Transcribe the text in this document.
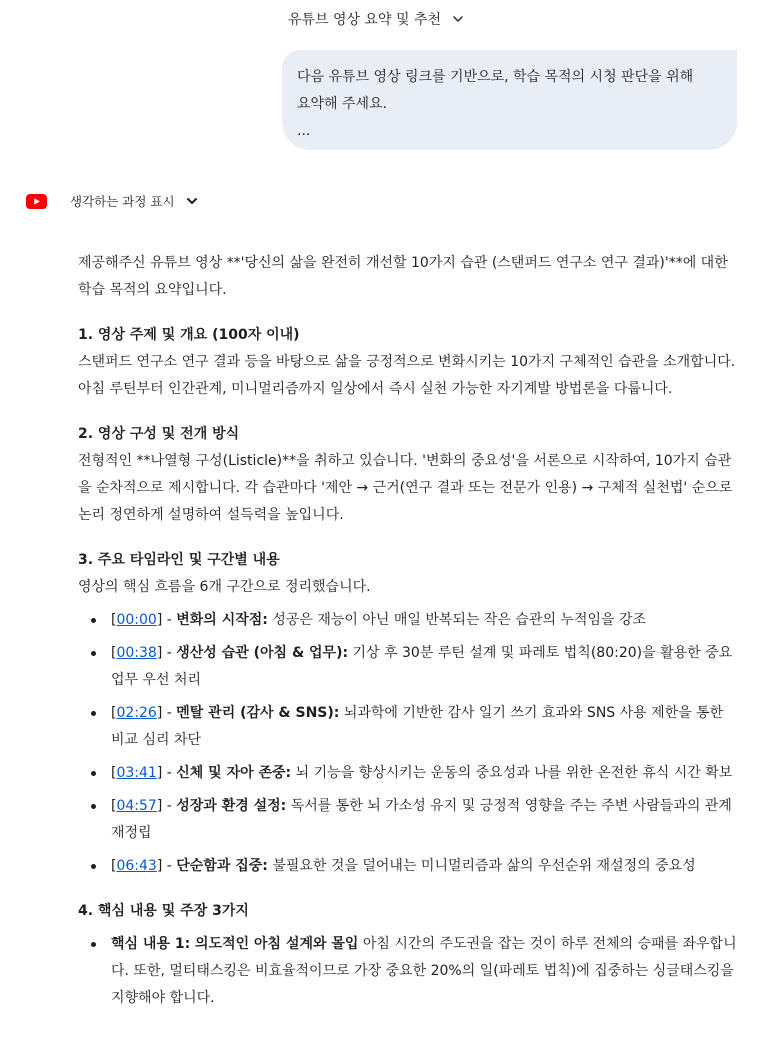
유튜브 영상 요약 및 추천

다음 유튜브 영상 링크를 기반으로, 학습 목적의 시청 판단을 위해

요약해 주세요.

...

생각하는 과정 표시

제공해주신 유튜브 영상 **'당신의 삶을 완전히 개선할 10가지 습관 (스탠퍼드 연구소 연구 결과)'**에 대한 학습 목적의 요약입니다.

1. 영상 주제 및 개요 (100자 이내)

스탠퍼드 연구소 연구 결과 등을 바탕으로 삶을 긍정적으로 변화시키는 10가지 구체적인 습관을 소개합니다. 아침 루틴부터 인간관계, 미니멀리즘까지 일상에서 즉시 실천 가능한 자기계발 방법론을 다룹니다.

2. 영상 구성 및 전개 방식

전형적인 **나열형 구성(Listicle)**을 취하고 있습니다. '변화의 중요성'을 서론으로 시작하여, 10가지 습관을 순차적으로 제시합니다. 각 습관마다 '제안 → 근거(연구 결과 또는 전문가 인용) → 구체적 실천법' 순으로 논리 정연하게 설명하여 설득력을 높입니다.

3. 주요 타임라인 및 구간별 내용

영상의 핵심 흐름을 6개 구간으로 정리했습니다.

[00:00] - 변화의 시작점: 성공은 재능이 아닌 매일 반복되는 작은 습관의 누적임을 강조
[00:38] - 생산성 습관 (아침 & 업무): 기상 후 30분 루틴 설계 및 파레토 법칙(80:20)을 활용한 중요 업무 우선 처리
[02:26] - 멘탈 관리 (감사 & SNS): 뇌과학에 기반한 감사 일기 쓰기 효과와 SNS 사용 제한을 통한 비교 심리 차단
[03:41] - 신체 및 자아 존중: 뇌 기능을 향상시키는 운동의 중요성과 나를 위한 온전한 휴식 시간 확보
[04:57] - 성장과 환경 설정: 독서를 통한 뇌 가소성 유지 및 긍정적 영향을 주는 주변 사람들과의 관계 재정립
[06:43] - 단순함과 집중: 불필요한 것을 덜어내는 미니멀리즘과 삶의 우선순위 재설정의 중요성
4. 핵심 내용 및 주장 3가지
핵심 내용 1: 의도적인 아침 설계와 몰입 아침 시간의 주도권을 잡는 것이 하루 전체의 승패를 좌우합니다. 또한, 멀티태스킹은 비효율적이므로 가장 중요한 20%의 일(파레토 법칙)에 집중하는 싱글태스킹을 지향해야 합니다.
